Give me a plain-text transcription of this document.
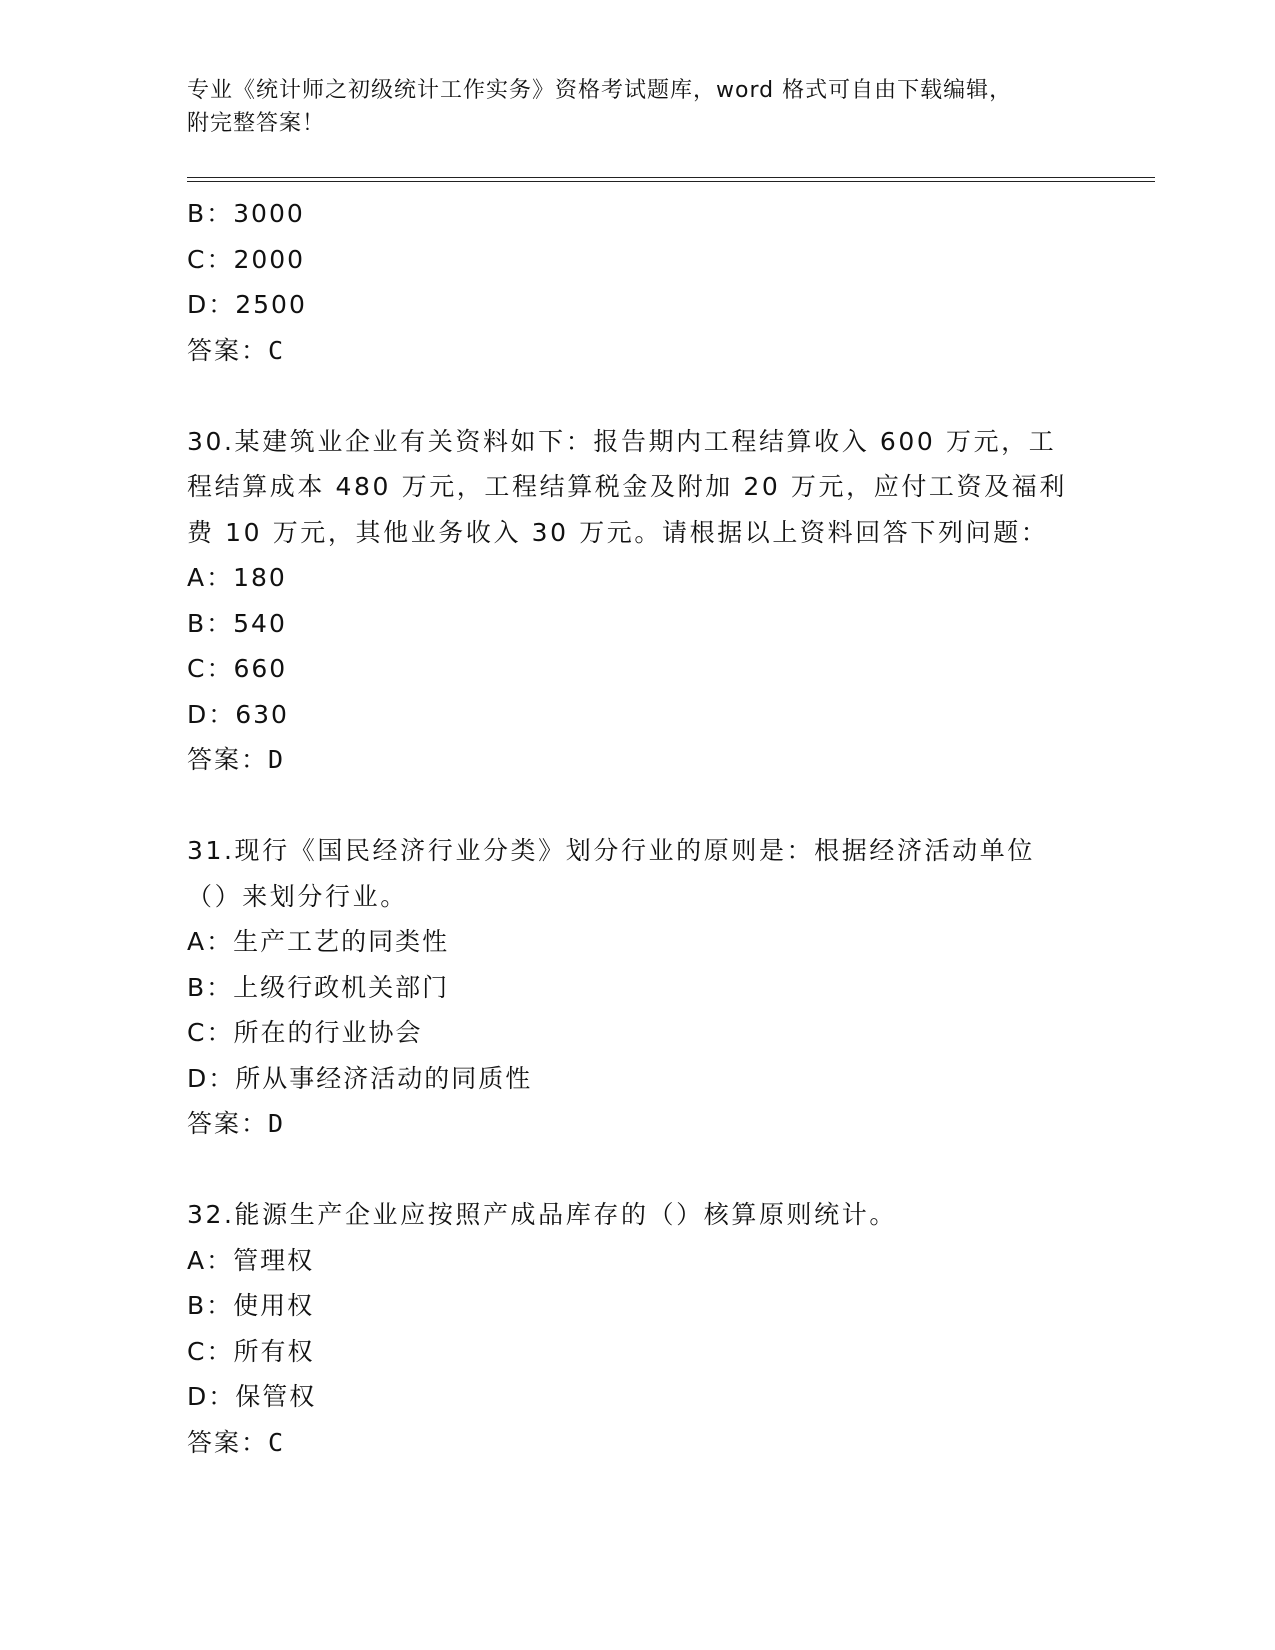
专业《统计师之初级统计工作实务》资格考试题库，word 格式可自由下载编辑，
附完整答案！
B：3000
C：2000
D：2500
答案：C
30.某建筑业企业有关资料如下：报告期内工程结算收入 600 万元，工
程结算成本 480 万元，工程结算税金及附加 20 万元，应付工资及福利
费 10 万元，其他业务收入 30 万元。请根据以上资料回答下列问题：
A：180
B：540
C：660
D：630
答案：D
31.现行《国民经济行业分类》划分行业的原则是：根据经济活动单位
（）来划分行业。
A：生产工艺的同类性
B：上级行政机关部门
C：所在的行业协会
D：所从事经济活动的同质性
答案：D
32.能源生产企业应按照产成品库存的（）核算原则统计。
A：管理权
B：使用权
C：所有权
D：保管权
答案：C
